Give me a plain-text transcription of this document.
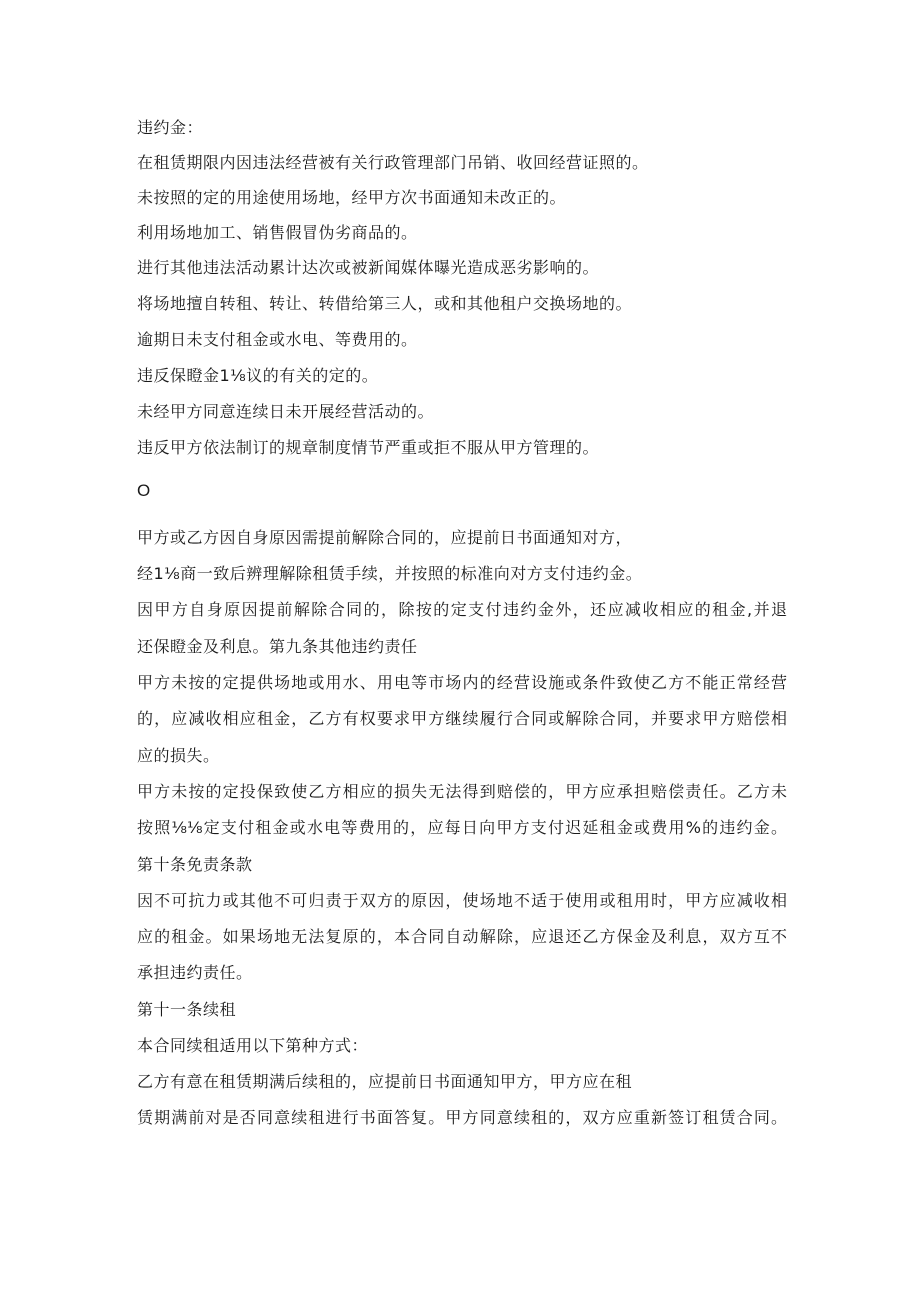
违约金：
在租赁期限内因违法经营被有关行政管理部门吊销、收回经营证照的。
未按照的定的用途使用场地，经甲方次书面通知未改正的。
利用场地加工、销售假冒伪劣商品的。
进行其他违法活动累计达次或被新闻媒体曝光造成恶劣影响的。
将场地擅自转租、转让、转借给第三人，或和其他租户交换场地的。
逾期日未支付租金或水电、等费用的。
违反保瞪金1⅛议的有关的定的。
未经甲方同意连续日未开展经营活动的。
违反甲方依法制订的规章制度情节严重或拒不服从甲方管理的。
O
甲方或乙方因自身原因需提前解除合同的，应提前日书面通知对方，
经1⅛商一致后辨理解除租赁手续，并按照的标准向对方支付违约金。
因甲方自身原因提前解除合同的，除按的定支付违约金外，还应减收相应的租金,并退
还保瞪金及利息。第九条其他违约责任
甲方未按的定提供场地或用水、用电等市场内的经营设施或条件致使乙方不能正常经营
的，应减收相应租金，乙方有权要求甲方继续履行合同或解除合同，并要求甲方赔偿相
应的损失。
甲方未按的定投保致使乙方相应的损失无法得到赔偿的，甲方应承担赔偿责任。乙方未
按照⅛⅛定支付租金或水电等费用的，应每日向甲方支付迟延租金或费用%的违约金。
第十条免责条款
因不可抗力或其他不可归责于双方的原因，使场地不适于使用或租用时，甲方应减收相
应的租金。如果场地无法复原的，本合同自动解除，应退还乙方保金及利息，双方互不
承担违约责任。
第十一条续租
本合同续租适用以下第种方式：
乙方有意在租赁期满后续租的，应提前日书面通知甲方，甲方应在租
赁期满前对是否同意续租进行书面答复。甲方同意续租的，双方应重新签订租赁合同。
